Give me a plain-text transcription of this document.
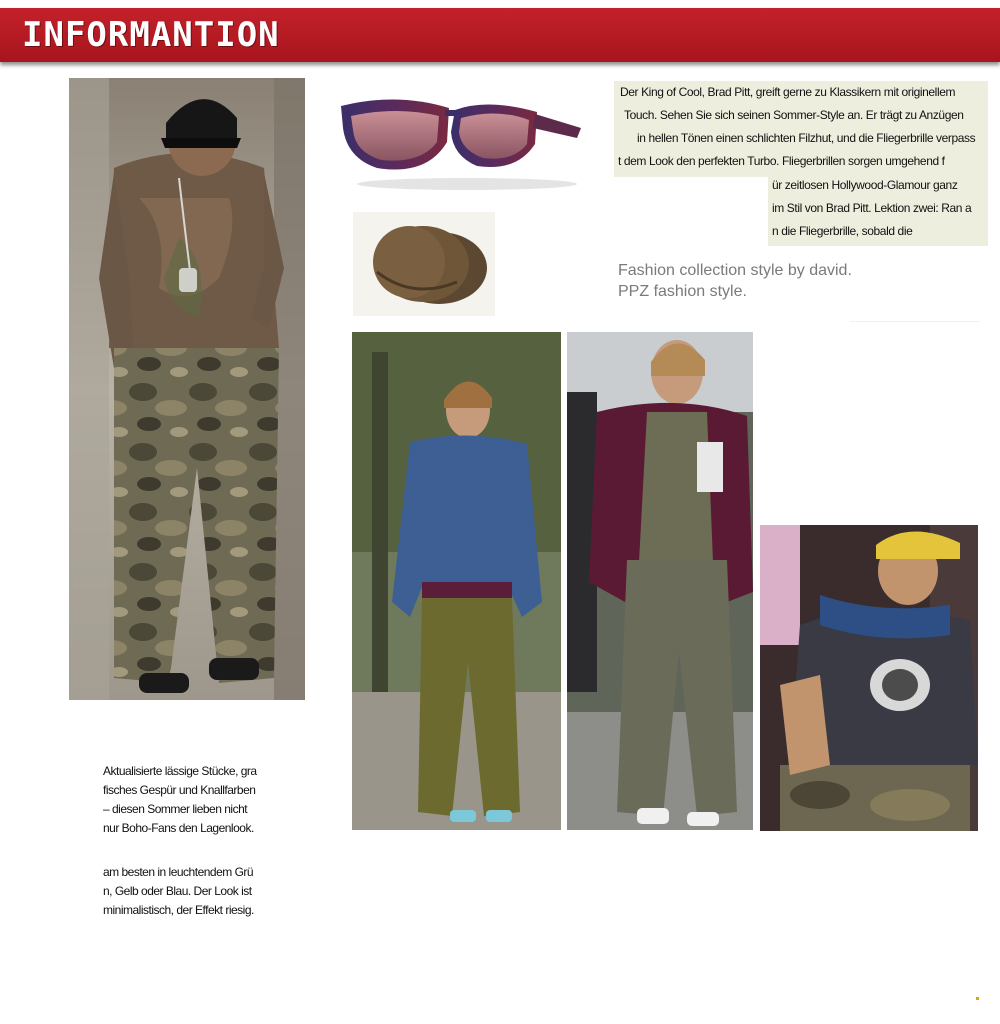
INFORMANTION
Der King of Cool, Brad Pitt, greift gerne zu Klassikern mit originellem
Touch. Sehen Sie sich seinen Sommer-Style an. Er trägt zu Anzügen
in hellen Tönen einen schlichten Filzhut, und die Fliegerbrille verpass
t dem Look den perfekten Turbo. Fliegerbrillen sorgen umgehend f
ür zeitlosen Hollywood-Glamour ganz
im Stil von Brad Pitt. Lektion zwei: Ran a
n die Fliegerbrille, sobald die
Fashion collection style by david.
PPZ fashion style.
Aktualisierte lässige Stücke, gra
fisches Gespür und Knallfarben
– diesen Sommer lieben nicht
nur Boho-Fans den Lagenlook.
am besten in leuchtendem Grü
n, Gelb oder Blau. Der Look ist
minimalistisch, der Effekt riesig.
